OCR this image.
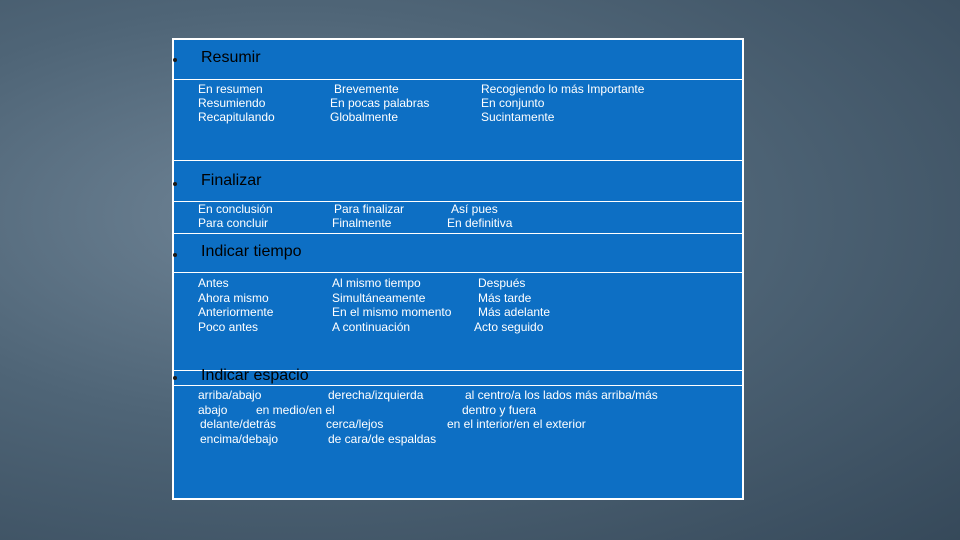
Resumir
En resumen
Resumiendo
Recapitulando
Brevemente
En pocas palabras
Globalmente
Recogiendo lo más Importante
En conjunto
Sucintamente
Finalizar
En conclusión
Para concluir
Para finalizar
Finalmente
Así pues
En definitiva
Indicar tiempo
Antes
Ahora mismo
Anteriormente
Poco antes
Al mismo tiempo
Simultáneamente
En el mismo momento
A continuación
Después
Más tarde
Más adelante
Acto seguido
Indicar espacio
arriba/abajo
abajo
delante/detrás
encima/debajo
derecha/izquierda
en medio/en el
cerca/lejos
de cara/de espaldas
al centro/a los lados más arriba/más
dentro y fuera
en el interior/en el exterior
